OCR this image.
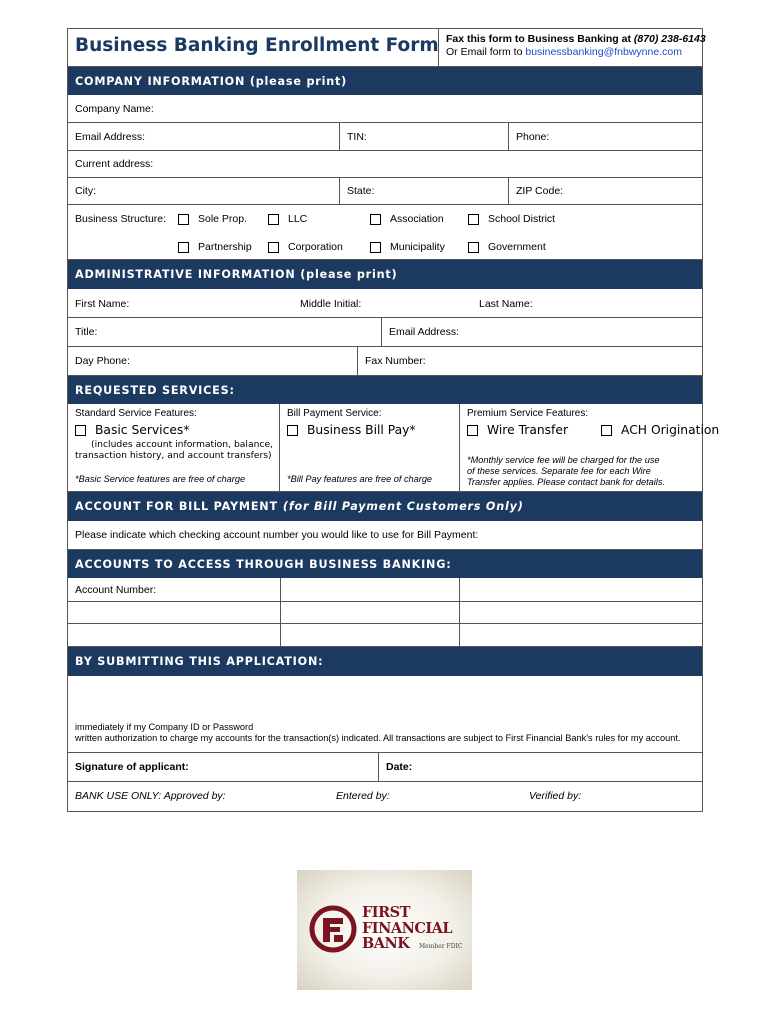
Business Banking Enrollment Form Fax this form to Business Banking at (870) 238-6143
Or Email form to businessbanking@fnbwynne.com
COMPANY INFORMATION (please print)
Company Name:
Email Address:	TIN:	Phone:
Current address:
City:	State:	ZIP Code:
Business Structure:	Sole Prop.	LLC	Association	School District
Partnership	Corporation	Municipality	Government
ADMINISTRATIVE INFORMATION (please print)
First Name:	Middle Initial:	Last Name:
Title:	Email Address:
Day Phone:	Fax Number:
REQUESTED SERVICES:
Standard Service Features:
Basic Services*
(includes account information, balance,
transaction history, and account transfers)
*Basic Service features are free of charge
Bill Payment Service:
Business Bill Pay*
*Bill Pay features are free of charge
Premium Service Features:
Wire Transfer	ACH Origination
*Monthly service fee will be charged for the use
of these services. Separate fee for each Wire
Transfer applies. Please contact bank for details.
ACCOUNT FOR BILL PAYMENT (for Bill Payment Customers Only)
Please indicate which checking account number you would like to use for Bill Payment:
ACCOUNTS TO ACCESS THROUGH BUSINESS BANKING:
Account Number:
BY SUBMITTING THIS APPLICATION:
immediately if my Company ID or Password
written authorization to charge my accounts for the transaction(s) indicated. All transactions are subject to First Financial Bank’s rules for my account.
Signature of applicant:	Date:
BANK USE ONLY: Approved by:	Entered by:	Verified by:
FIRST
FINANCIAL
BANK	Member FDIC
